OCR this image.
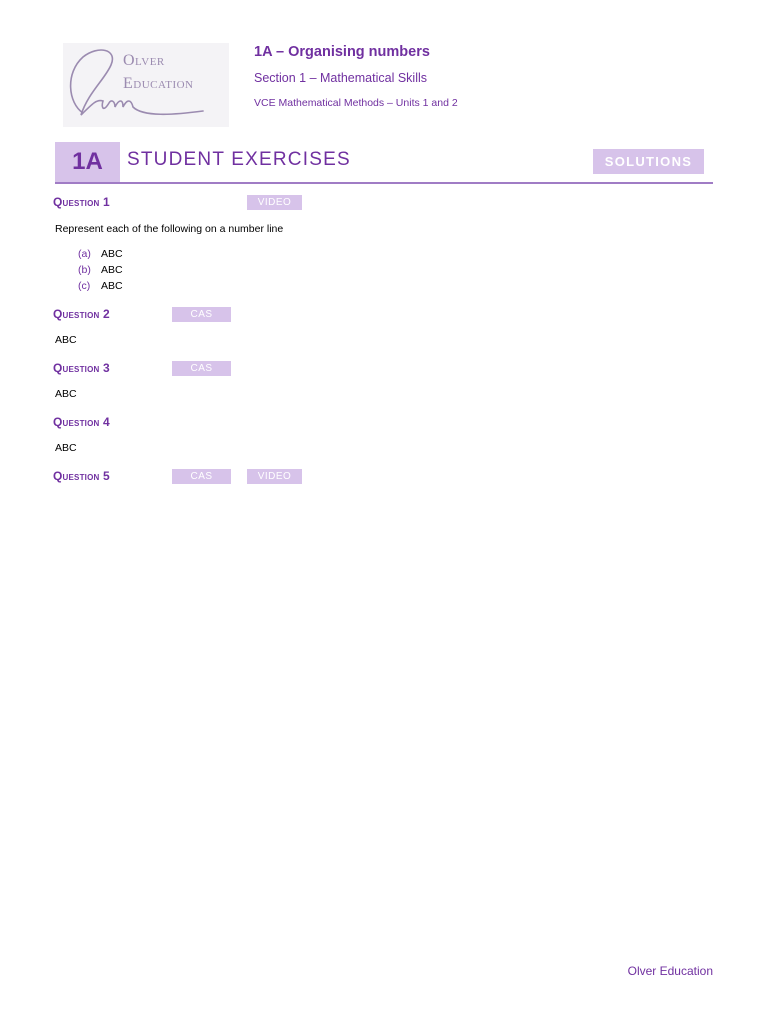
Olver
Education
1A – Organising numbers
Section 1 – Mathematical Skills
VCE Mathematical Methods – Units 1 and 2
1A	STUDENT EXERCISES	SOLUTIONS
Question 1	VIDEO
Represent each of the following on a number line
(a) ABC
(b) ABC
(c)	ABC
Question 2	CAS
ABC
Question 3	CAS
ABC
Question 4
ABC
Question 5	CAS	VIDEO
Olver Education
